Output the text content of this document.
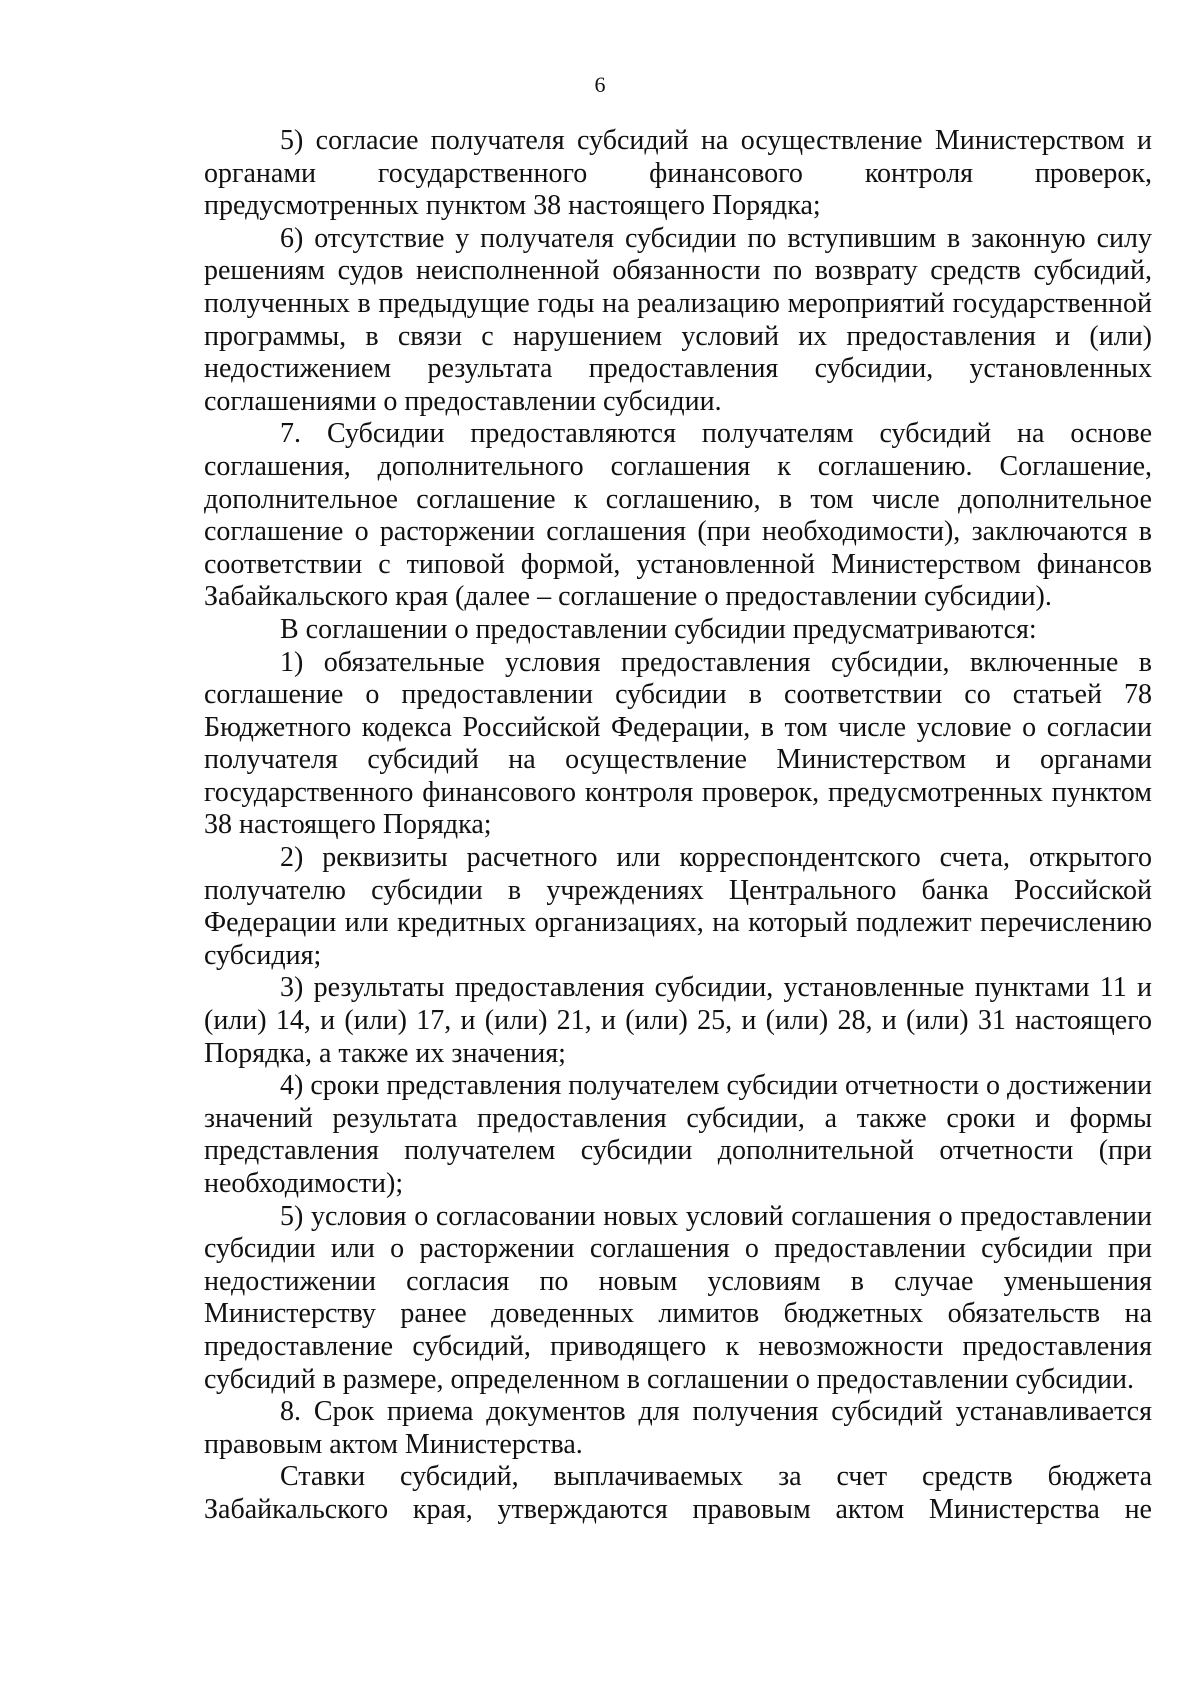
6

5) согласие получателя субсидий на осуществление Министерством и органами государственного финансового контроля проверок, предусмотренных пунктом 38 настоящего Порядка;

6) отсутствие у получателя субсидии по вступившим в законную силу решениям судов неисполненной обязанности по возврату средств субсидий, полученных в предыдущие годы на реализацию мероприятий государственной программы, в связи с нарушением условий их предоставления и (или) недостижением результата предоставления субсидии, установленных соглашениями о предоставлении субсидии.

7. Субсидии предоставляются получателям субсидий на основе соглашения, дополнительного соглашения к соглашению. Соглашение, дополнительное соглашение к соглашению, в том числе дополнительное соглашение о расторжении соглашения (при необходимости), заключаются в соответствии с типовой формой, установленной Министерством финансов Забайкальского края (далее – соглашение о предоставлении субсидии).

В соглашении о предоставлении субсидии предусматриваются:

1) обязательные условия предоставления субсидии, включенные в соглашение о предоставлении субсидии в соответствии со статьей 78 Бюджетного кодекса Российской Федерации, в том числе условие о согласии получателя субсидий на осуществление Министерством и органами государственного финансового контроля проверок, предусмотренных пунктом 38 настоящего Порядка;

2) реквизиты расчетного или корреспондентского счета, открытого получателю субсидии в учреждениях Центрального банка Российской Федерации или кредитных организациях, на который подлежит перечислению субсидия;

3) результаты предоставления субсидии, установленные пунктами 11 и (или) 14, и (или) 17, и (или) 21, и (или) 25, и (или) 28, и (или) 31 настоящего Порядка, а также их значения;

4) сроки представления получателем субсидии отчетности о достижении значений результата предоставления субсидии, а также сроки и формы представления получателем субсидии дополнительной отчетности (при необходимости);

5) условия о согласовании новых условий соглашения о предоставлении субсидии или о расторжении соглашения о предоставлении субсидии при недостижении согласия по новым условиям в случае уменьшения Министерству ранее доведенных лимитов бюджетных обязательств на предоставление субсидий, приводящего к невозможности предоставления субсидий в размере, определенном в соглашении о предоставлении субсидии.

8. Срок приема документов для получения субсидий устанавливается правовым актом Министерства.

Ставки субсидий, выплачиваемых за счет средств бюджета Забайкальского края, утверждаются правовым актом Министерства не
